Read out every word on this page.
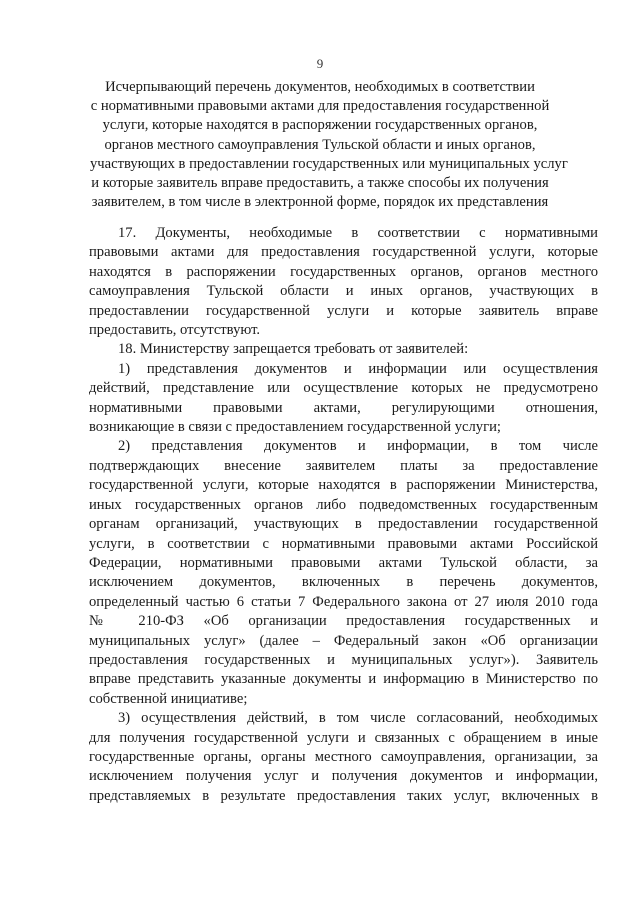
9
Исчерпывающий перечень документов, необходимых в соответствии
с нормативными правовыми актами для предоставления государственной
услуги, которые находятся в распоряжении государственных органов,
органов местного самоуправления Тульской области и иных органов,
участвующих в предоставлении государственных или муниципальных услуг
и которые заявитель вправе предоставить, а также способы их получения
заявителем, в том числе в электронной форме, порядок их представления
17. Документы, необходимые в соответствии с нормативными
правовыми актами для предоставления государственной услуги, которые
находятся в распоряжении государственных органов, органов местного
самоуправления Тульской области и иных органов, участвующих в
предоставлении государственной услуги и которые заявитель вправе
предоставить, отсутствуют.
18. Министерству запрещается требовать от заявителей:
1) представления документов и информации или осуществления
действий, представление или осуществление которых не предусмотрено
нормативными правовыми актами, регулирующими отношения,
возникающие в связи с предоставлением государственной услуги;
2) представления документов и информации, в том числе
подтверждающих внесение заявителем платы за предоставление
государственной услуги, которые находятся в распоряжении Министерства,
иных государственных органов либо подведомственных государственным
органам организаций, участвующих в предоставлении государственной
услуги, в соответствии с нормативными правовыми актами Российской
Федерации, нормативными правовыми актами Тульской области, за
исключением документов, включенных в перечень документов,
определенный частью 6 статьи 7 Федерального закона от 27 июля 2010 года
№ 210-ФЗ «Об организации предоставления государственных и
муниципальных услуг» (далее – Федеральный закон «Об организации
предоставления государственных и муниципальных услуг»). Заявитель
вправе представить указанные документы и информацию в Министерство по
собственной инициативе;
3) осуществления действий, в том числе согласований, необходимых
для получения государственной услуги и связанных с обращением в иные
государственные органы, органы местного самоуправления, организации, за
исключением получения услуг и получения документов и информации,
представляемых в результате предоставления таких услуг, включенных в
